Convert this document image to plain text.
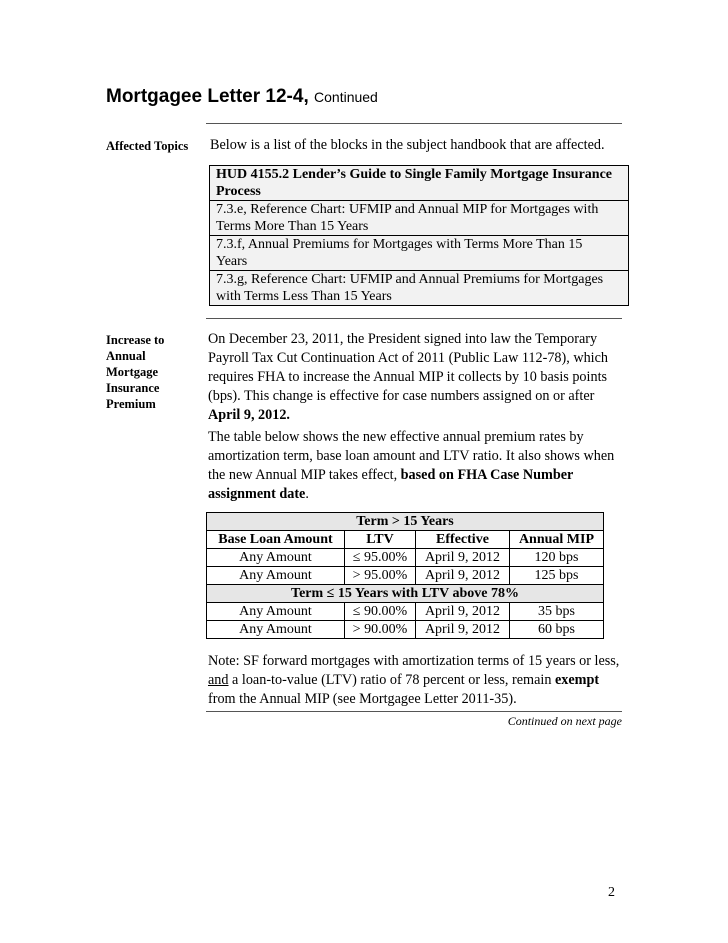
Mortgagee Letter 12-4, Continued
Affected Topics Below is a list of the blocks in the subject handbook that are affected.

HUD 4155.2 Lender’s Guide to Single Family Mortgage Insurance
Process

7.3.e, Reference Chart: UFMIP and Annual MIP for Mortgages with
Terms More Than 15 Years

7.3.f, Annual Premiums for Mortgages with Terms More Than 15
Years

7.3.g, Reference Chart: UFMIP and Annual Premiums for Mortgages
with Terms Less Than 15 Years
Increase to
Annual
Mortgage
Insurance
Premium

On December 23, 2011, the President signed into law the Temporary
Payroll Tax Cut Continuation Act of 2011 (Public Law 112-78), which
requires FHA to increase the Annual MIP it collects by 10 basis points
(bps). This change is effective for case numbers assigned on or after
April 9, 2012.

The table below shows the new effective annual premium rates by
amortization term, base loan amount and LTV ratio. It also shows when
the new Annual MIP takes effect, based on FHA Case Number
assignment date.

Term > 15 Years			
Base Loan Amount	LTV	Effective	Annual MIP
Any Amount	≤ 95.00%	April 9, 2012	120 bps
Any Amount	> 95.00%	April 9, 2012	125 bps
Term ≤ 15 Years with LTV above 78%			
Any Amount	≤ 90.00%	April 9, 2012	35 bps
Any Amount	> 90.00%	April 9, 2012	60 bps

Note: SF forward mortgages with amortization terms of 15 years or less,
and a loan-to-value (LTV) ratio of 78 percent or less, remain exempt
from the Annual MIP (see Mortgagee Letter 2011-35).

Continued on next page
2
